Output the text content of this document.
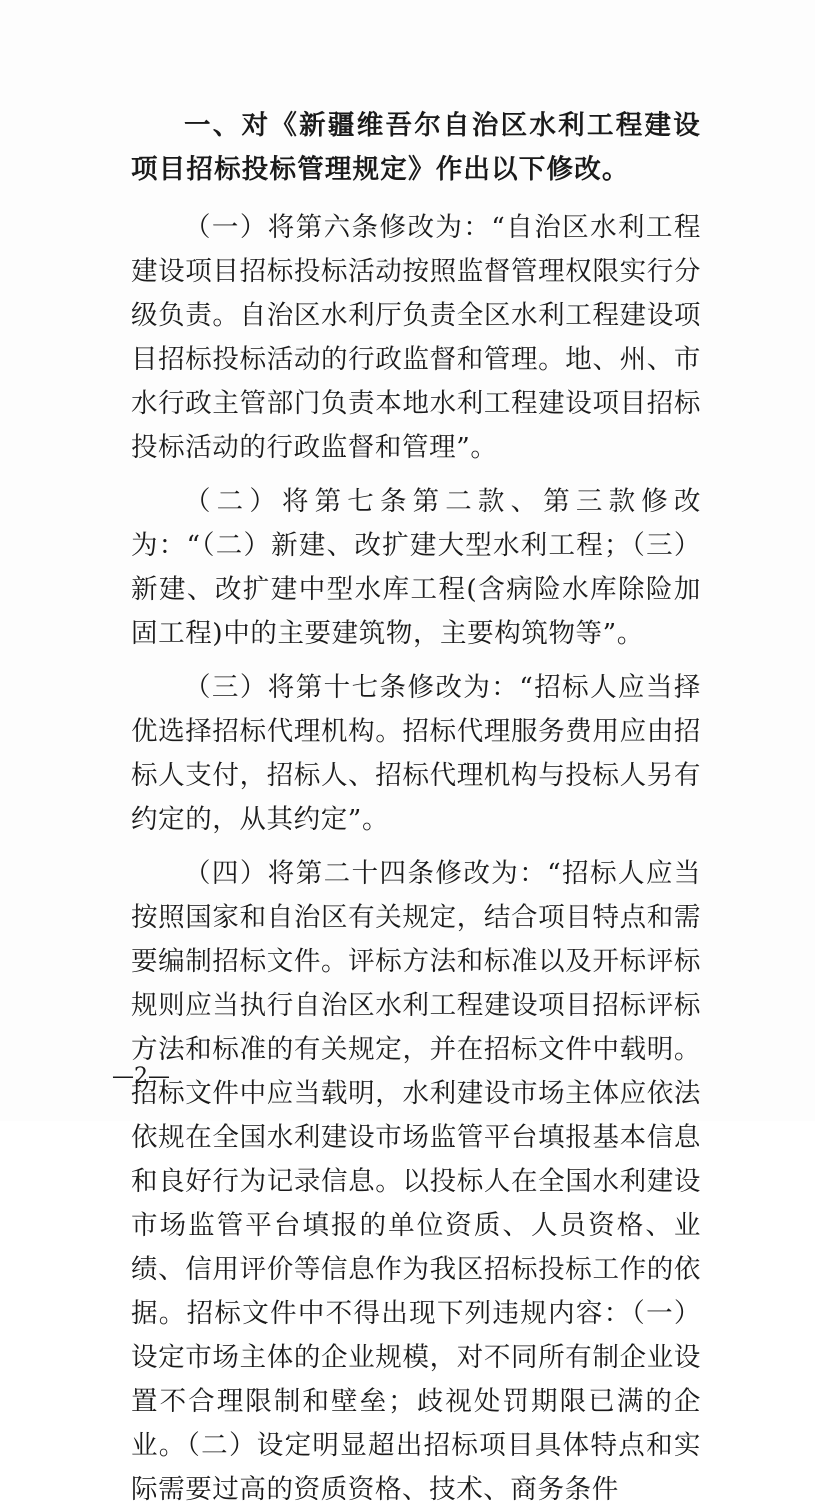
一、对《新疆维吾尔自治区水利工程建设项目招标投标管理规定》作出以下修改。

（一）将第六条修改为：“自治区水利工程建设项目招标投标活动按照监督管理权限实行分级负责。自治区水利厅负责全区水利工程建设项目招标投标活动的行政监督和管理。地、州、市水行政主管部门负责本地水利工程建设项目招标投标活动的行政监督和管理”。

（二）将第七条第二款、第三款修改为：“（二）新建、改扩建大型水利工程；（三）新建、改扩建中型水库工程(含病险水库除险加固工程)中的主要建筑物，主要构筑物等”。

（三）将第十七条修改为：“招标人应当择优选择招标代理机构。招标代理服务费用应由招标人支付，招标人、招标代理机构与投标人另有约定的，从其约定”。

（四）将第二十四条修改为：“招标人应当按照国家和自治区有关规定，结合项目特点和需要编制招标文件。评标方法和标准以及开标评标规则应当执行自治区水利工程建设项目招标评标方法和标准的有关规定，并在招标文件中载明。招标文件中应当载明，水利建设市场主体应依法依规在全国水利建设市场监管平台填报基本信息和良好行为记录信息。以投标人在全国水利建设市场监管平台填报的单位资质、人员资格、业绩、信用评价等信息作为我区招标投标工作的依据。招标文件中不得出现下列违规内容：（一）设定市场主体的企业规模，对不同所有制企业设置不合理限制和壁垒；歧视处罚期限已满的企业。（二）设定明显超出招标项目具体特点和实际需要过高的资质资格、技术、商务条件

—2—
